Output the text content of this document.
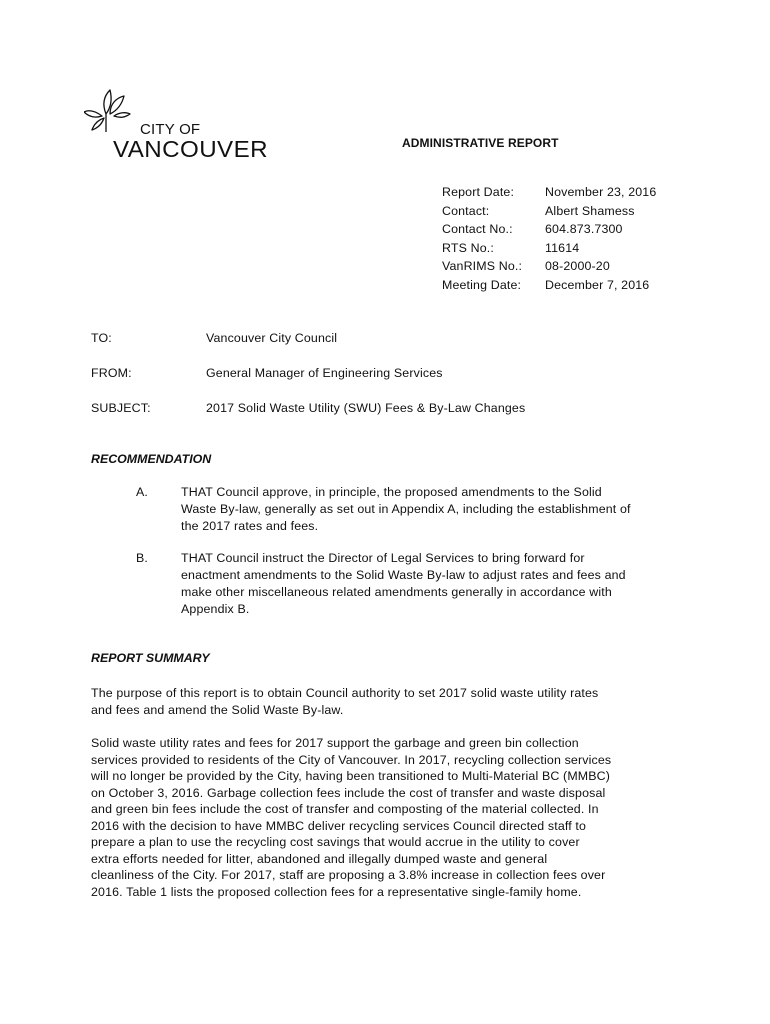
CITY OF
VANCOUVER	ADMINISTRATIVE REPORT
Report Date: November 23, 2016
Contact:	Albert Shamess
Contact No.:	604.873.7300
RTS No.:	11614
VanRIMS No.: 08-2000-20
Meeting Date: December 7, 2016
TO:	Vancouver City Council
FROM:	General Manager of Engineering Services
SUBJECT:	2017 Solid Waste Utility (SWU) Fees & By-Law Changes
RECOMMENDATION
A.	THAT Council approve, in principle, the proposed amendments to the Solid
Waste By-law, generally as set out in Appendix A, including the establishment of
the 2017 rates and fees.
B.	THAT Council instruct the Director of Legal Services to bring forward for
enactment amendments to the Solid Waste By-law to adjust rates and fees and
make other miscellaneous related amendments generally in accordance with
Appendix B.
REPORT SUMMARY
The purpose of this report is to obtain Council authority to set 2017 solid waste utility rates
and fees and amend the Solid Waste By-law.
Solid waste utility rates and fees for 2017 support the garbage and green bin collection
services provided to residents of the City of Vancouver. In 2017, recycling collection services
will no longer be provided by the City, having been transitioned to Multi-Material BC (MMBC)
on October 3, 2016. Garbage collection fees include the cost of transfer and waste disposal
and green bin fees include the cost of transfer and composting of the material collected. In
2016 with the decision to have MMBC deliver recycling services Council directed staff to
prepare a plan to use the recycling cost savings that would accrue in the utility to cover
extra efforts needed for litter, abandoned and illegally dumped waste and general
cleanliness of the City. For 2017, staff are proposing a 3.8% increase in collection fees over
2016. Table 1 lists the proposed collection fees for a representative single-family home.
